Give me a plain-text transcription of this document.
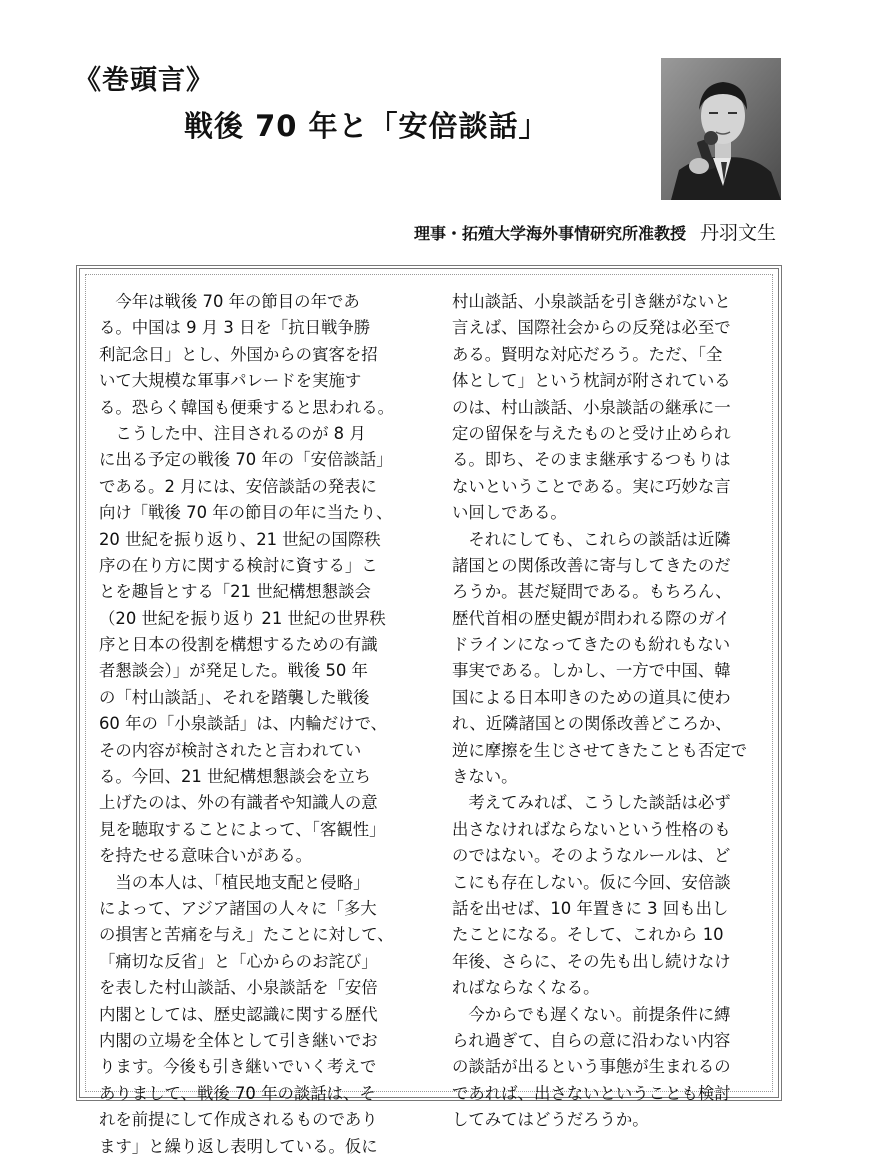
《巻頭言》
戦後 70 年と「安倍談話」
理事・拓殖大学海外事情研究所准教授 丹羽文生
今年は戦後 70 年の節目の年であ
る。中国は 9 月 3 日を「抗日戦争勝
利記念日」とし、外国からの賓客を招
いて大規模な軍事パレードを実施す
る。恐らく韓国も便乗すると思われる。
こうした中、注目されるのが 8 月
に出る予定の戦後 70 年の「安倍談話」
である。2 月には、安倍談話の発表に
向け「戦後 70 年の節目の年に当たり、
20 世紀を振り返り、21 世紀の国際秩
序の在り方に関する検討に資する」こ
とを趣旨とする「21 世紀構想懇談会
（20 世紀を振り返り 21 世紀の世界秩
序と日本の役割を構想するための有識
者懇談会）」が発足した。戦後 50 年
の「村山談話」、それを踏襲した戦後
60 年の「小泉談話」は、内輪だけで、
その内容が検討されたと言われてい
る。今回、21 世紀構想懇談会を立ち
上げたのは、外の有識者や知識人の意
見を聴取することによって、「客観性」
を持たせる意味合いがある。
当の本人は、「植民地支配と侵略」
によって、アジア諸国の人々に「多大
の損害と苦痛を与え」たことに対して、
「痛切な反省」と「心からのお詫び」
を表した村山談話、小泉談話を「安倍
内閣としては、歴史認識に関する歴代
内閣の立場を全体として引き継いでお
ります。今後も引き継いでいく考えで
ありまして、戦後 70 年の談話は、そ
れを前提にして作成されるものであり
ます」と繰り返し表明している。仮に
村山談話、小泉談話を引き継がないと
言えば、国際社会からの反発は必至で
ある。賢明な対応だろう。ただ、「全
体として」という枕詞が附されている
のは、村山談話、小泉談話の継承に一
定の留保を与えたものと受け止められ
る。即ち、そのまま継承するつもりは
ないということである。実に巧妙な言
い回しである。
それにしても、これらの談話は近隣
諸国との関係改善に寄与してきたのだ
ろうか。甚だ疑問である。もちろん、
歴代首相の歴史観が問われる際のガイ
ドラインになってきたのも紛れもない
事実である。しかし、一方で中国、韓
国による日本叩きのための道具に使わ
れ、近隣諸国との関係改善どころか、
逆に摩擦を生じさせてきたことも否定で
きない。
考えてみれば、こうした談話は必ず
出さなければならないという性格のも
のではない。そのようなルールは、ど
こにも存在しない。仮に今回、安倍談
話を出せば、10 年置きに 3 回も出し
たことになる。そして、これから 10
年後、さらに、その先も出し続けなけ
ればならなくなる。
今からでも遅くない。前提条件に縛
られ過ぎて、自らの意に沿わない内容
の談話が出るという事態が生まれるの
であれば、出さないということも検討
してみてはどうだろうか。
